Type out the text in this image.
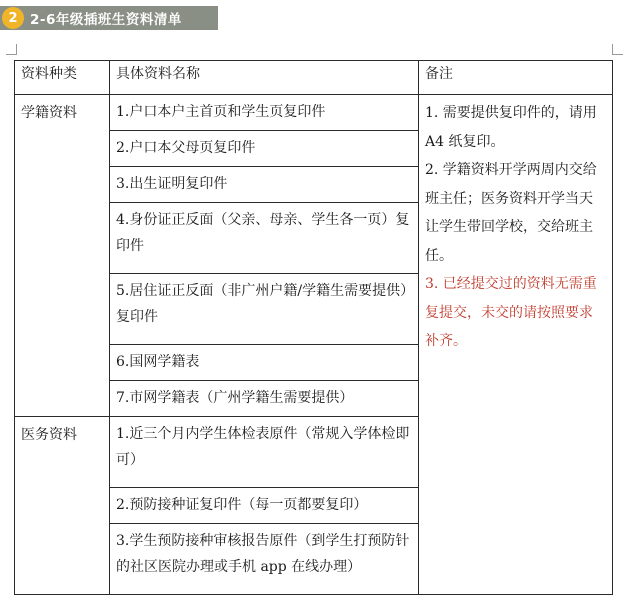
2-6年级插班生资料清单
2
资料种类	具体资料名称	备注

学籍资料	1.户口本户主首页和学生页复印件	1. 需要提供复印件的，请用 A4 纸复印。
2. 学籍资料开学两周内交给班主任；医务资料开学当天让学生带回学校，交给班主任。
3. 已经提交过的资料无需重复提交，未交的请按照要求补齐。

	2.户口本父母页复印件	

	3.出生证明复印件	

	4.身份证正反面（父亲、母亲、学生各一页）复印件	

	5.居住证正反面（非广州户籍/学籍生需要提供）复印件	

	6.国网学籍表	

	7.市网学籍表（广州学籍生需要提供）	

医务资料	1.近三个月内学生体检表原件（常规入学体检即可）	

	2.预防接种证复印件（每一页都要复印）	

	3.学生预防接种审核报告原件（到学生打预防针的社区医院办理或手机 app 在线办理）	
